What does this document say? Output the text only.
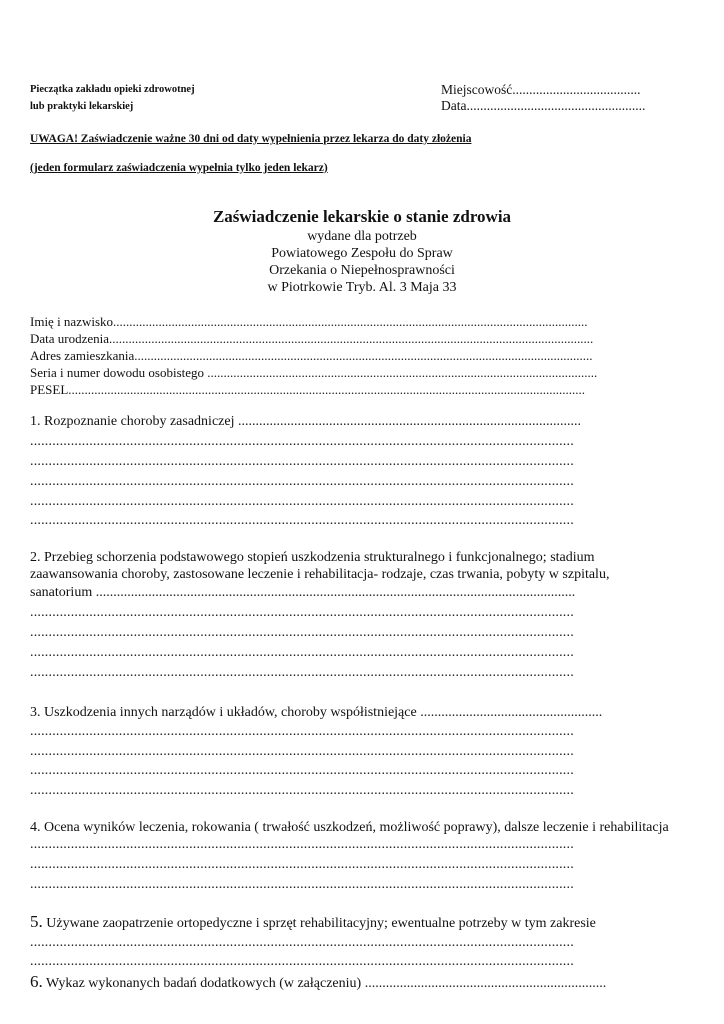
Pieczątka zakładu opieki zdrowotnej
lub praktyki lekarskiej
Miejscowość......................................
Data.....................................................
UWAGA! Zaświadczenie ważne 30 dni od daty wypełnienia przez lekarza do daty złożenia
(jeden formularz zaświadczenia wypełnia tylko jeden lekarz)
Zaświadczenie lekarskie o stanie zdrowia
wydane dla potrzeb
Powiatowego Zespołu do Spraw
Orzekania o Niepełnosprawności
w Piotrkowie Tryb. Al. 3 Maja 33
Imię i nazwisko..................................................................................................................................................
Data urodzenia.....................................................................................................................................................
Adres zamieszkania.............................................................................................................................................
Seria i numer dowodu osobistego ........................................................................................................................
PESEL...............................................................................................................................................................
1. Rozpoznanie choroby zasadniczej ..................................................................................................
...................................................................................................................................................
...................................................................................................................................................
...................................................................................................................................................
...................................................................................................................................................
...................................................................................................................................................
2. Przebieg schorzenia podstawowego stopień uszkodzenia strukturalnego i funkcjonalnego; stadium
zaawansowania choroby, zastosowane leczenie i rehabilitacja- rodzaje, czas trwania, pobyty w szpitalu,
sanatorium .........................................................................................................................................
...................................................................................................................................................
...................................................................................................................................................
...................................................................................................................................................
...................................................................................................................................................
3. Uszkodzenia innych narządów i układów, choroby współistniejące ....................................................
...................................................................................................................................................
...................................................................................................................................................
...................................................................................................................................................
...................................................................................................................................................
4. Ocena wyników leczenia, rokowania ( trwałość uszkodzeń, możliwość poprawy), dalsze leczenie i rehabilitacja
...................................................................................................................................................
...................................................................................................................................................
...................................................................................................................................................
5. Używane zaopatrzenie ortopedyczne i sprzęt rehabilitacyjny; ewentualne potrzeby w tym zakresie
...................................................................................................................................................
...................................................................................................................................................
6. Wykaz wykonanych badań dodatkowych (w załączeniu) .....................................................................
